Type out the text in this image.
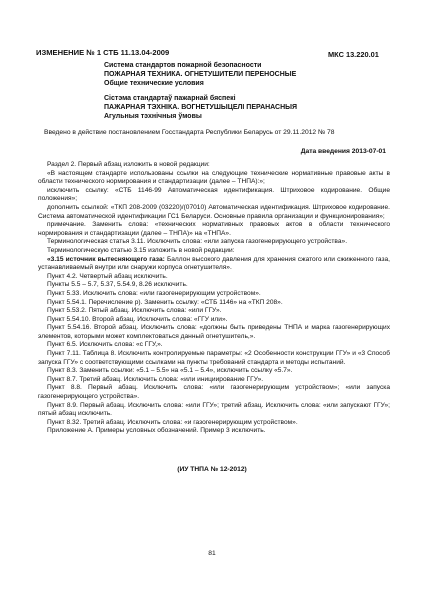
МКС 13.220.01
ИЗМЕНЕНИЕ № 1 СТБ 11.13.04-2009
Система стандартов пожарной безопасности
ПОЖАРНАЯ ТЕХНИКА. ОГНЕТУШИТЕЛИ ПЕРЕНОСНЫЕ
Общие технические условия
Сістэма стандартаў пажарнай бяспекі
ПАЖАРНАЯ ТЭХНІКА. ВОГНЕТУШЫЦЕЛІ ПЕРАНАСНЫЯ
Агульныя тэхнічныя ўмовы
Введено в действие постановлением Госстандарта Республики Беларусь от 29.11.2012 № 78
Дата введения 2013-07-01

Раздел 2. Первый абзац изложить в новой редакции:

«В настоящем стандарте использованы ссылки на следующие технические нормативные правовые акты в области технического нормирования и стандартизации (далее – ТНПА):»;

исключить ссылку: «СТБ 1146-99 Автоматическая идентификация. Штриховое кодирование. Общие положения»;

дополнить ссылкой: «ТКП 208-2009 (03220)/(07010) Автоматическая идентификация. Штриховое кодирование. Система автоматической идентификации ГС1 Беларуси. Основные правила организации и функционирования»;

примечание. Заменить слова: «технических нормативных правовых актов в области технического нормирования и стандартизации (далее – ТНПА)» на «ТНПА».

Терминологическая статья 3.11. Исключить слова: «или запуска газогенерирующего устройства».

Терминологическую статью 3.15 изложить в новой редакции:

«3.15 источник вытесняющего газа: Баллон высокого давления для хранения сжатого или сжиженного газа, устанавливаемый внутри или снаружи корпуса огнетушителя».

Пункт 4.2. Четвертый абзац исключить.

Пункты 5.5 – 5.7, 5.37, 5.54.9, 8.26 исключить.

Пункт 5.33. Исключить слова: «или газогенерирующим устройством».

Пункт 5.54.1. Перечисление р). Заменить ссылку: «СТБ 1146» на «ТКП 208».

Пункт 5.53.2. Пятый абзац. Исключить слова: «или ГГУ».

Пункт 5.54.10. Второй абзац. Исключить слова: «ГГУ или».

Пункт 5.54.16. Второй абзац. Исключить слова: «должны быть приведены ТНПА и марка газогенерирующих элементов, которыми может комплектоваться данный огнетушитель,».

Пункт 6.5. Исключить слова: «с ГГУ,».

Пункт 7.11. Таблица 8. Исключить контролируемые параметры: «2 Особенности конструкции ГГУ» и «3 Способ запуска ГГУ» с соответствующими ссылками на пункты требований стандарта и методы испытаний.

Пункт 8.3. Заменить ссылки: «5.1 – 5.5» на «5.1 – 5.4», исключить ссылку «5.7».

Пункт 8.7. Третий абзац. Исключить слова: «или инициирование ГГУ».

Пункт 8.8. Первый абзац. Исключить слова: «или газогенерирующим устройством»; «или запуска газогенерирующего устройства».

Пункт 8.9. Первый абзац. Исключить слова: «или ГГУ»; третий абзац. Исключить слова: «или запускают ГГУ»; пятый абзац исключить.

Пункт 8.32. Третий абзац. Исключить слова: «и газогенерирующим устройством».

Приложение А. Примеры условных обозначений. Пример 3 исключить.

(ИУ ТНПА № 12-2012)
81
